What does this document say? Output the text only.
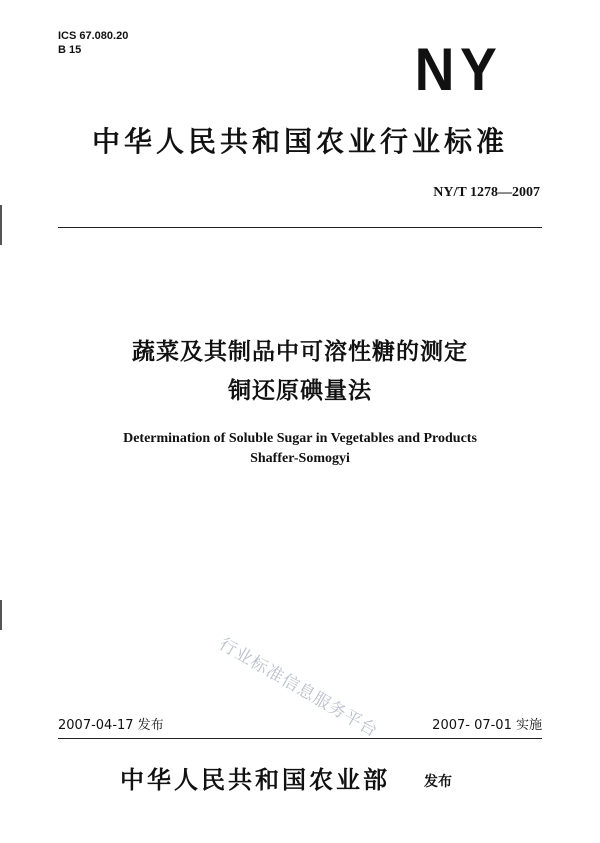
ICS 67.080.20
B 15	NY
中华人民共和国农业行业标准
NY/T 1278—2007
蔬菜及其制品中可溶性糖的测定
铜还原碘量法
Determination of Soluble Sugar in Vegetables and Products
Shaffer-Somogyi
行业标准信息服务平台
2007-04-17 发布	2007- 07-01 实施
中华人民共和国农业部 发布
